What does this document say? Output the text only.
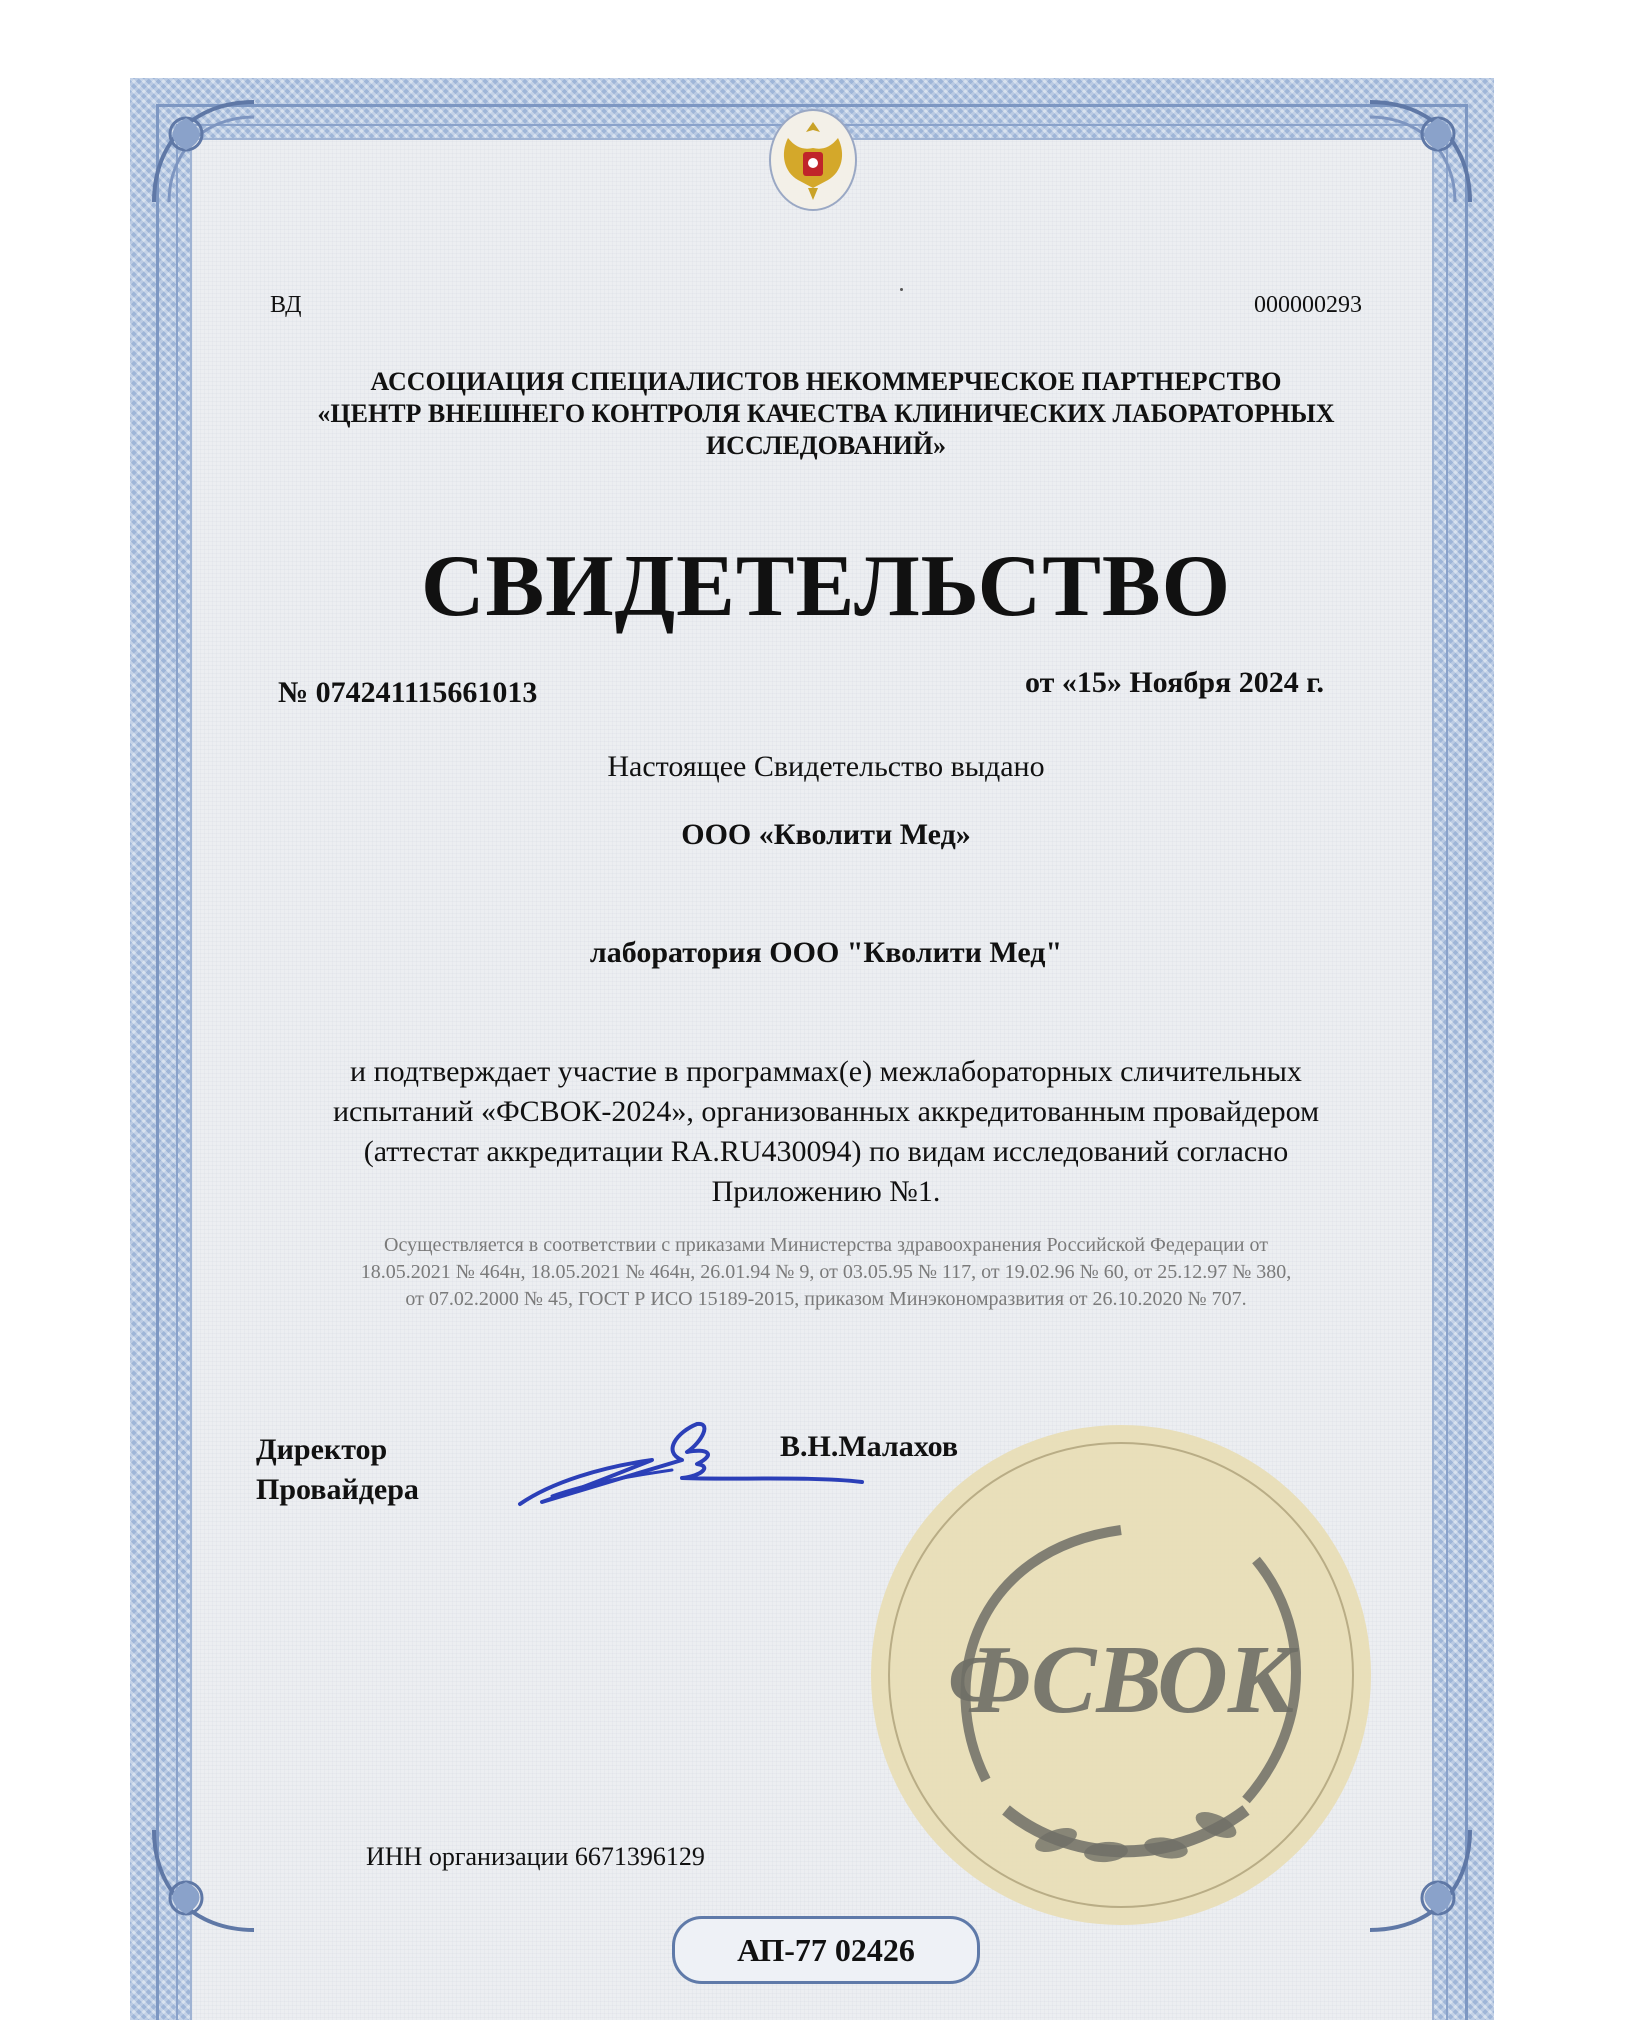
ВД	000000293
АССОЦИАЦИЯ СПЕЦИАЛИСТОВ НЕКОММЕРЧЕСКОЕ ПАРТНЕРСТВО
«ЦЕНТР ВНЕШНЕГО КОНТРОЛЯ КАЧЕСТВА КЛИНИЧЕСКИХ ЛАБОРАТОРНЫХ
ИССЛЕДОВАНИЙ»
СВИДЕТЕЛЬСТВО
№ 074241115661013	от «15» Ноября 2024 г.
Настоящее Свидетельство выдано
ООО «Кволити Мед»
лаборатория ООО "Кволити Мед"
и подтверждает участие в программах(е) межлабораторных сличительных
испытаний «ФСВОК-2024», организованных аккредитованным провайдером
(аттестат аккредитации RA.RU430094) по видам исследований согласно
Приложению №1.
Осуществляется в соответствии с приказами Министерства здравоохранения Российской Федерации от
18.05.2021 № 464н, 18.05.2021 № 464н, 26.01.94 № 9, от 03.05.95 № 117, от 19.02.96 № 60, от 25.12.97 № 380,
от 07.02.2000 № 45, ГОСТ Р ИСО 15189-2015, приказом Минэкономразвития от 26.10.2020 № 707.
ФСВОК
Директор
Провайдера
В.Н.Малахов
ИНН организации 6671396129
АП-77 02426
